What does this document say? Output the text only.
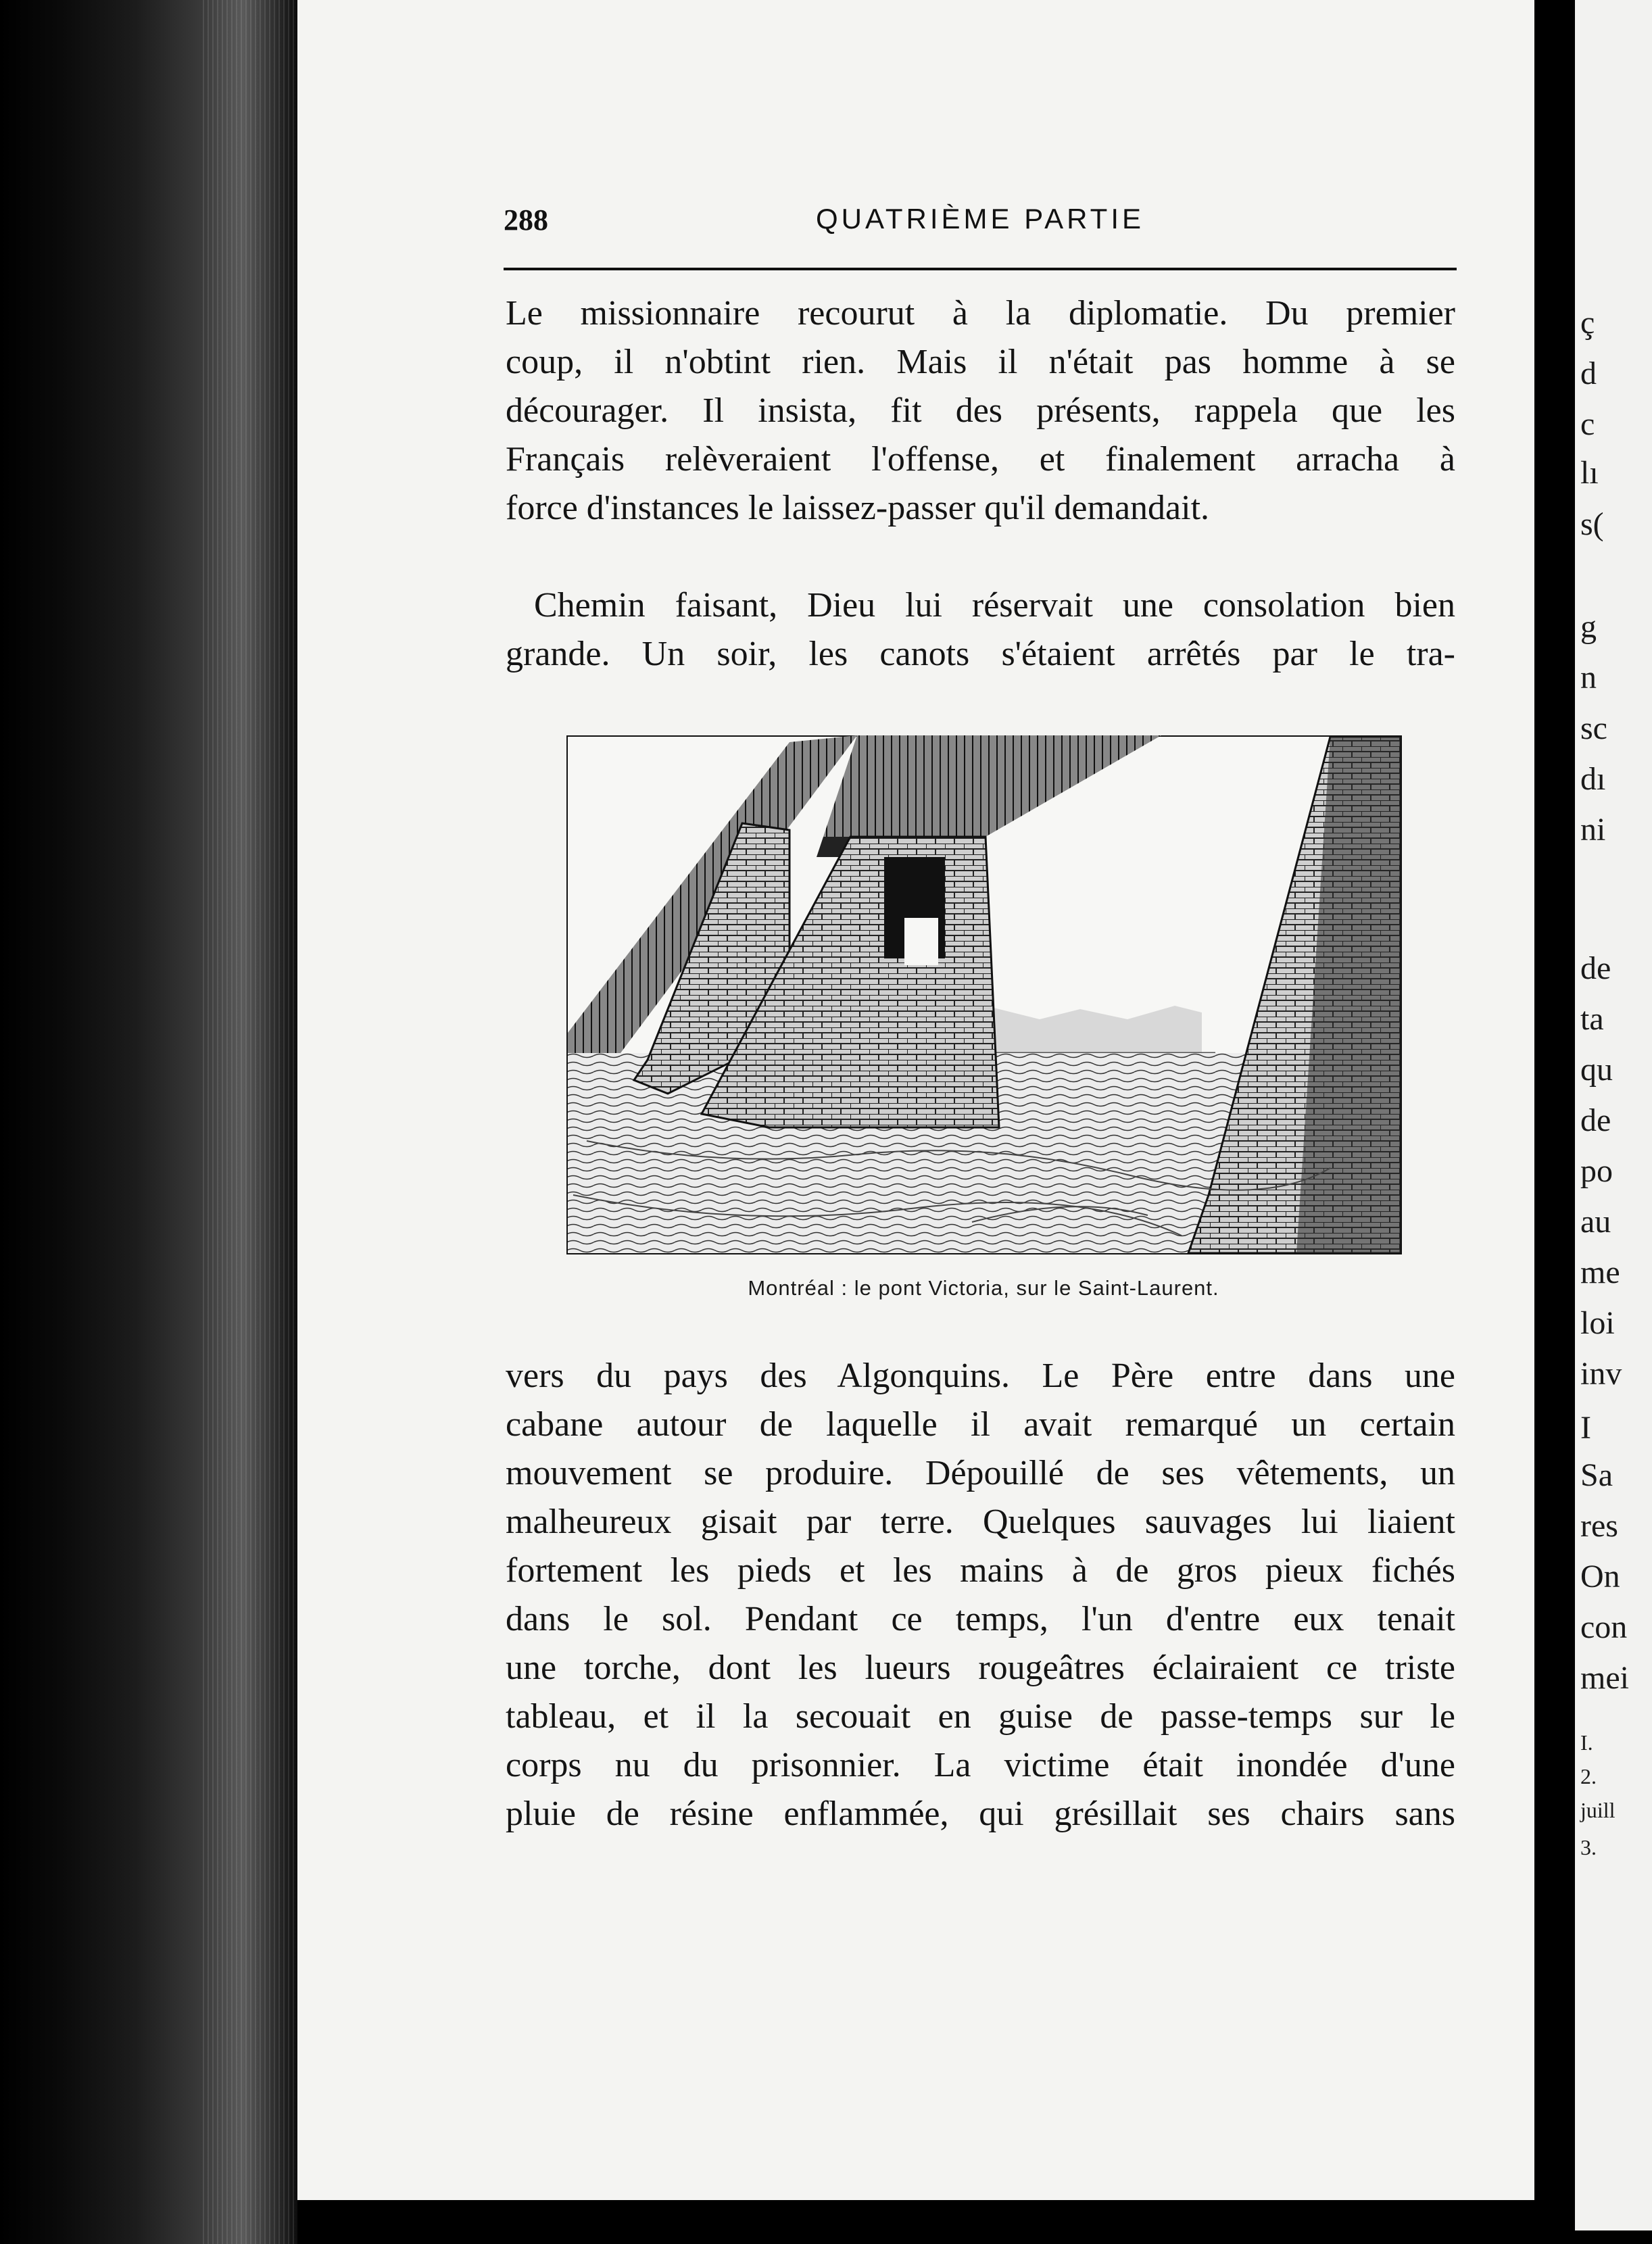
ç
d
c
lı
s(
g
n
sc
dı
ni
de
ta
qu
de
po
au
me
loi
inv
I
Sa
res
On
con
mei
I.
2.
juill
3.
288	QUATRIÈME PARTIE
Le missionnaire recourut à la diplomatie. Du premier
coup, il n'obtint rien. Mais il n'était pas homme à se
décourager. Il insista, fit des présents, rappela que les
Français relèveraient l'offense, et finalement arracha à
force d'instances le laissez-passer qu'il demandait.
Chemin faisant, Dieu lui réservait une consolation bien
grande. Un soir, les canots s'étaient arrêtés par le tra-
Montréal : le pont Victoria, sur le Saint-Laurent.
vers du pays des Algonquins. Le Père entre dans une
cabane autour de laquelle il avait remarqué un certain
mouvement se produire. Dépouillé de ses vêtements, un
malheureux gisait par terre. Quelques sauvages lui liaient
fortement les pieds et les mains à de gros pieux fichés
dans le sol. Pendant ce temps, l'un d'entre eux tenait
une torche, dont les lueurs rougeâtres éclairaient ce triste
tableau, et il la secouait en guise de passe-temps sur le
corps nu du prisonnier. La victime était inondée d'une
pluie de résine enflammée, qui grésillait ses chairs sans
